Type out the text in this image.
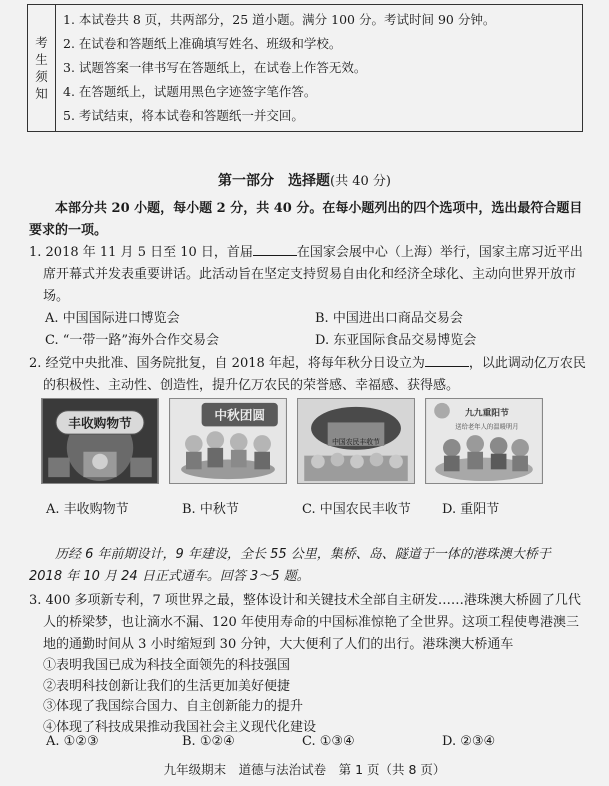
考
生
须
知
1. 本试卷共 8 页，共两部分，25 道小题。满分 100 分。考试时间 90 分钟。
2. 在试卷和答题纸上准确填写姓名、班级和学校。
3. 试题答案一律书写在答题纸上，在试卷上作答无效。
4. 在答题纸上，试题用黑色字迹签字笔作答。
5. 考试结束，将本试卷和答题纸一并交回。
第一部分　选择题(共 40 分)
本部分共 20 小题，每小题 2 分，共 40 分。在每小题列出的四个选项中，选出最符合题目要求的一项。
1. 2018 年 11 月 5 日至 10 日，首届	在国家会展中心（上海）举行，国家主席习近平出席开幕式并发表重要讲话。此活动旨在坚定支持贸易自由化和经济全球化、主动向世界开放市场。
A. 中国国际进口博览会	B. 中国进出口商品交易会
C. “一带一路”海外合作交易会	D. 东亚国际食品交易博览会
2. 经党中央批准、国务院批复，自 2018 年起，将每年秋分日设立为	，以此调动亿万农民的积极性、主动性、创造性，提升亿万农民的荣誉感、幸福感、获得感。
丰收购物节
中秋团圆
中国农民丰收节
九九重阳节
送给老年人的温暖明月
A. 丰收购物节	B. 中秋节	C. 中国农民丰收节 D. 重阳节
历经 6 年前期设计，9 年建设，全长 55 公里，集桥、岛、隧道于一体的港珠澳大桥于 2018 年 10 月 24 日正式通车。回答 3～5 题。
3. 400 多项新专利，7 项世界之最，整体设计和关键技术全部自主研发……港珠澳大桥圆了几代人的桥梁梦，也让滴水不漏、120 年使用寿命的中国标准惊艳了全世界。这项工程使粤港澳三地的通勤时间从 3 小时缩短到 30 分钟，大大便利了人们的出行。港珠澳大桥通车
①表明我国已成为科技全面领先的科技强国
②表明科技创新让我们的生活更加美好便捷
③体现了我国综合国力、自主创新能力的提升
④体现了科技成果推动我国社会主义现代化建设
A. ①②③	B. ①②④	C. ①③④	D. ②③④
九年级期末　道德与法治试卷　第 1 页（共 8 页）
